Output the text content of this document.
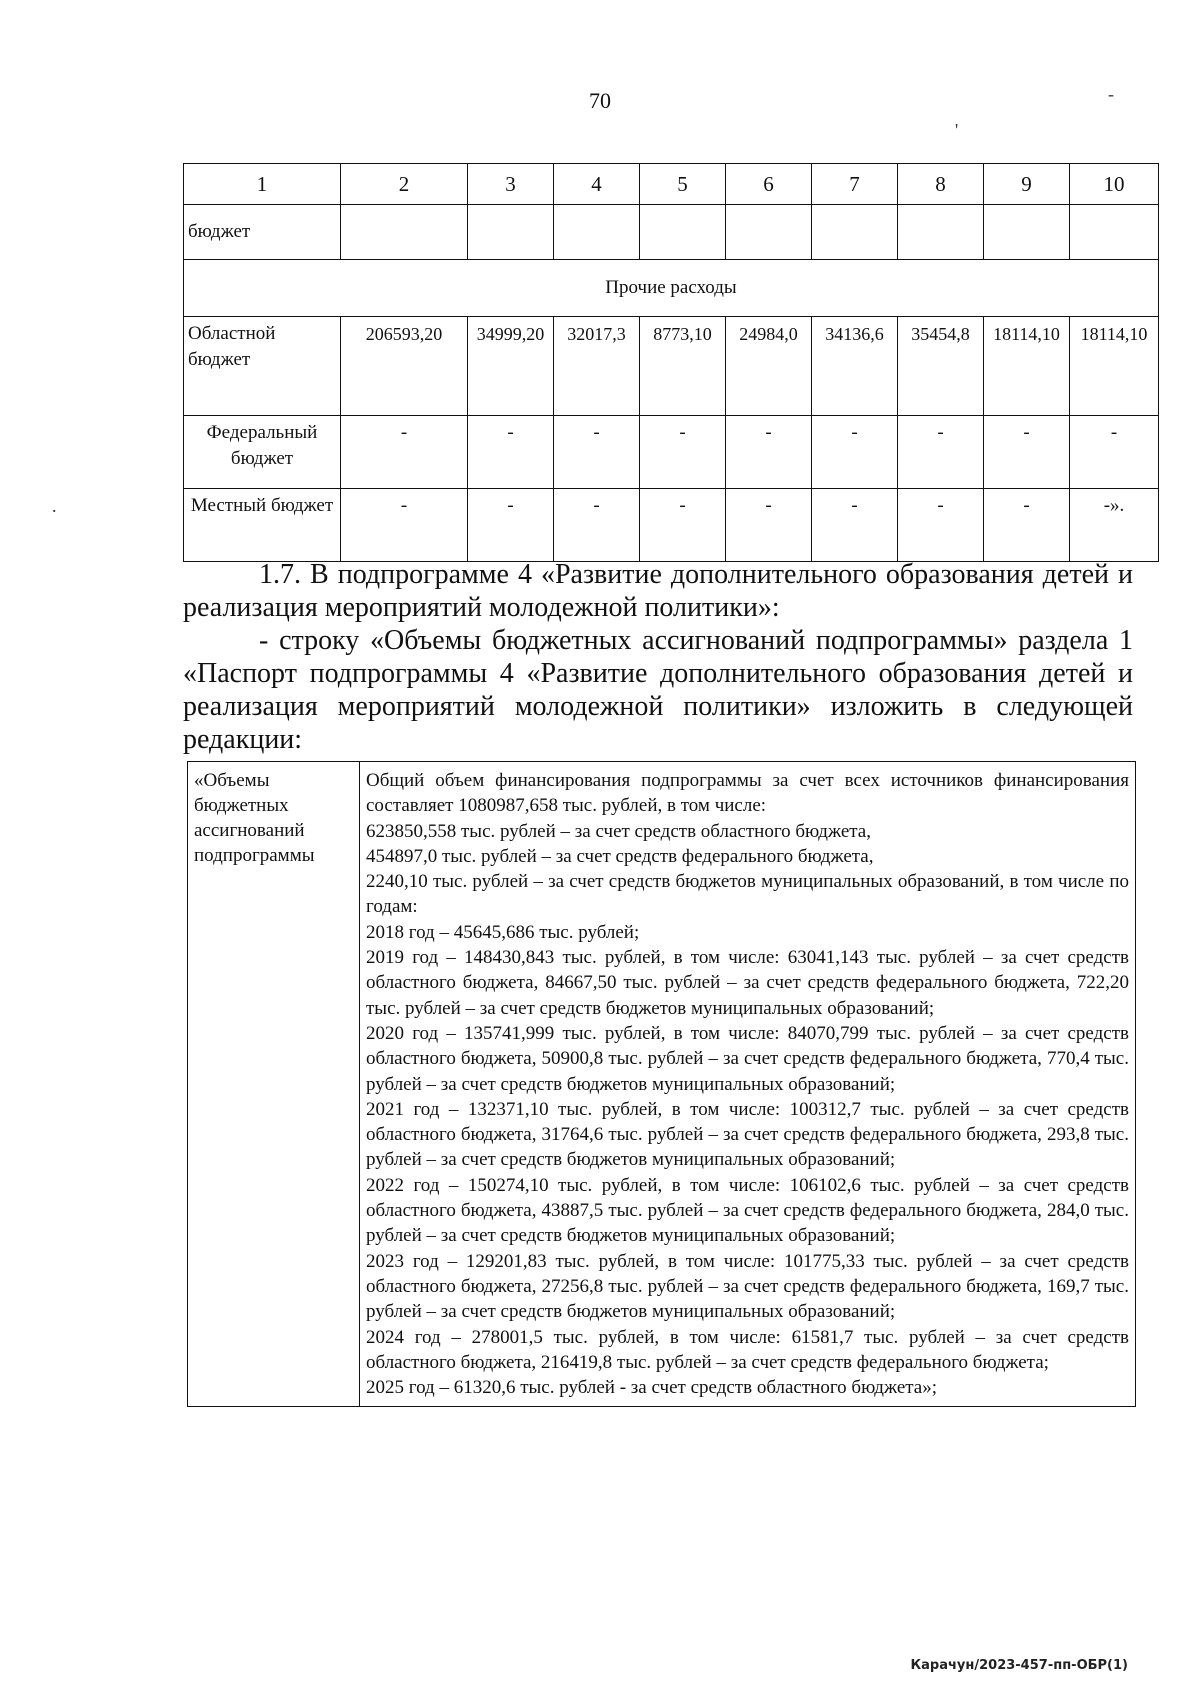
70	-
'
.
1	2	3	4	5	6	7	8	9	10
бюджет									
Прочие расходы									
Областной бюджет	206593,20	34999,20	32017,3	8773,10	24984,0	34136,6	35454,8	18114,10	18114,10

Федеральный бюджет	-	-	-	-	-	-	-	-	-
Местный бюджет	-	-	-	-	-	-	-	-	-».
1.7. В подпрограмме 4 «Развитие дополнительного образования детей и реализация мероприятий молодежной политики»:
- строку «Объемы бюджетных ассигнований подпрограммы» раздела 1 «Паспорт подпрограммы 4 «Развитие дополнительного образования детей и реализация мероприятий молодежной политики» изложить в следующей редакции:
«Объемы бюджетных ассигнований подпрограммы	

Общий объем финансирования подпрограммы за счет всех источников финансирования составляет 1080987,658 тыс. рублей, в том числе:

623850,558 тыс. рублей – за счет средств областного бюджета,

454897,0 тыс. рублей – за счет средств федерального бюджета,

2240,10 тыс. рублей – за счет средств бюджетов муниципальных образований, в том числе по годам:

2018 год – 45645,686 тыс. рублей;

2019 год – 148430,843 тыс. рублей, в том числе: 63041,143 тыс. рублей – за счет средств областного бюджета, 84667,50 тыс. рублей – за счет средств федерального бюджета, 722,20 тыс. рублей – за счет средств бюджетов муниципальных образований;

2020 год – 135741,999 тыс. рублей, в том числе: 84070,799 тыс. рублей – за счет средств областного бюджета, 50900,8 тыс. рублей – за счет средств федерального бюджета, 770,4 тыс. рублей – за счет средств бюджетов муниципальных образований;

2021 год – 132371,10 тыс. рублей, в том числе: 100312,7 тыс. рублей – за счет средств областного бюджета, 31764,6 тыс. рублей – за счет средств федерального бюджета, 293,8 тыс. рублей – за счет средств бюджетов муниципальных образований;

2022 год – 150274,10 тыс. рублей, в том числе: 106102,6 тыс. рублей – за счет средств областного бюджета, 43887,5 тыс. рублей – за счет средств федерального бюджета, 284,0 тыс. рублей – за счет средств бюджетов муниципальных образований;

2023 год – 129201,83 тыс. рублей, в том числе: 101775,33 тыс. рублей – за счет средств областного бюджета, 27256,8 тыс. рублей – за счет средств федерального бюджета, 169,7 тыс. рублей – за счет средств бюджетов муниципальных образований;

2024 год – 278001,5 тыс. рублей, в том числе: 61581,7 тыс. рублей – за счет средств областного бюджета, 216419,8 тыс. рублей – за счет средств федерального бюджета;

2025 год – 61320,6 тыс. рублей - за счет средств областного бюджета»;

Карачун/2023-457-пп-ОБР(1)
